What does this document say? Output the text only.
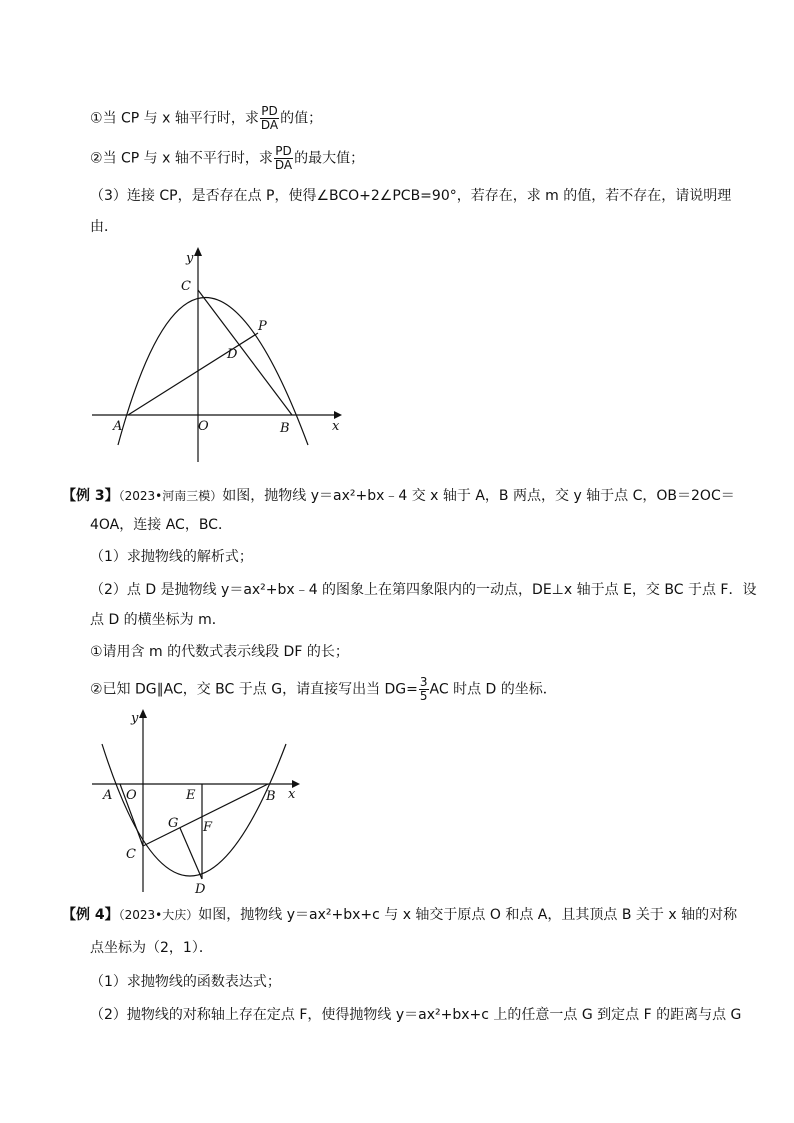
①当 CP 与 x 轴平行时，求 $\frac{PD}{DA}$ 的值；
②当 CP 与 x 轴不平行时，求 $\frac{PD}{DA}$ 的最大值；
（3）连接 CP，是否存在点 P，使得∠BCO+2∠PCB=90°，若存在，求 m 的值，若不存在，请说明理
由．
y
x
C
P
D
A	O	B
【例 3】（2023•河南三模）如图，抛物线 y＝ax²+bx﹣4 交 x 轴于 A，B 两点，交 y 轴于点 C，OB＝2OC＝
4OA，连接 AC，BC．
（1）求抛物线的解析式；
（2）点 D 是抛物线 y＝ax²+bx﹣4 的图象上在第四象限内的一动点，DE⊥x 轴于点 E，交 BC 于点 F．设
点 D 的横坐标为 m．
①请用含 m 的代数式表示线段 DF 的长；
②已知 DG∥AC，交 BC 于点 G，请直接写出当 $DG= \frac{3}{5}$ AC 时点 D 的坐标．
y
x
A O	E	B
G F
C
D
【例 4】（2023•大庆）如图，抛物线 y＝ax²+bx+c 与 x 轴交于原点 O 和点 A，且其顶点 B 关于 x 轴的对称
点坐标为（2，1）．
（1）求抛物线的函数表达式；
（2）抛物线的对称轴上存在定点 F，使得抛物线 y＝ax²+bx+c 上的任意一点 G 到定点 F 的距离与点 G
